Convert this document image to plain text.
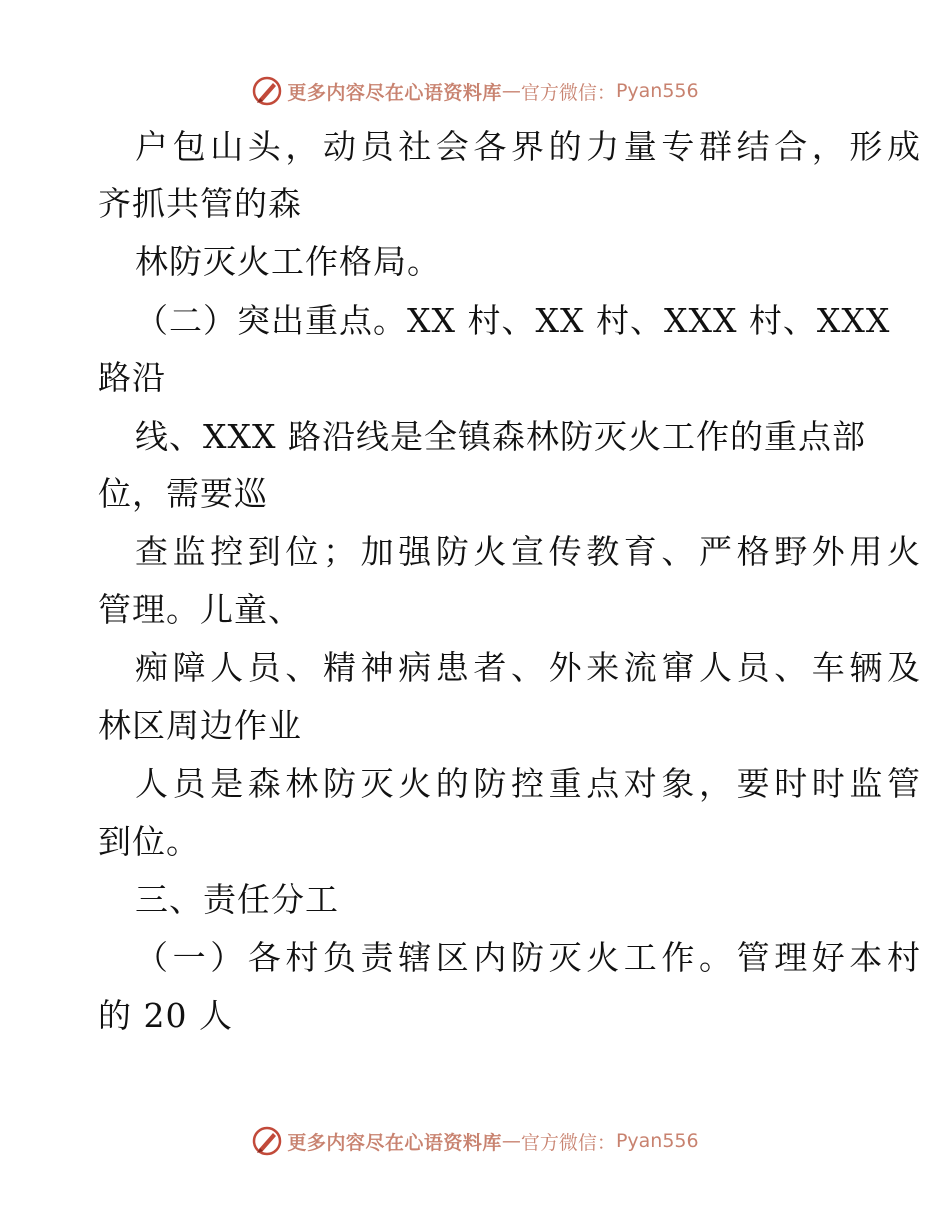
更多内容尽在心语资料库 — 官方微信： Pyan556
户包山头，动员社会各界的力量专群结合，形成
齐抓共管的森
林防灭火工作格局。
（二）突出重点。XX 村、XX 村、XXX 村、XXX
路沿
线、XXX 路沿线是全镇森林防灭火工作的重点部
位，需要巡
查监控到位；加强防火宣传教育、严格野外用火
管理。儿童、
痴障人员、精神病患者、外来流窜人员、车辆及
林区周边作业
人员是森林防灭火的防控重点对象，要时时监管
到位。
三、责任分工
（一）各村负责辖区内防灭火工作。管理好本村
的 20 人
更多内容尽在心语资料库 — 官方微信： Pyan556
